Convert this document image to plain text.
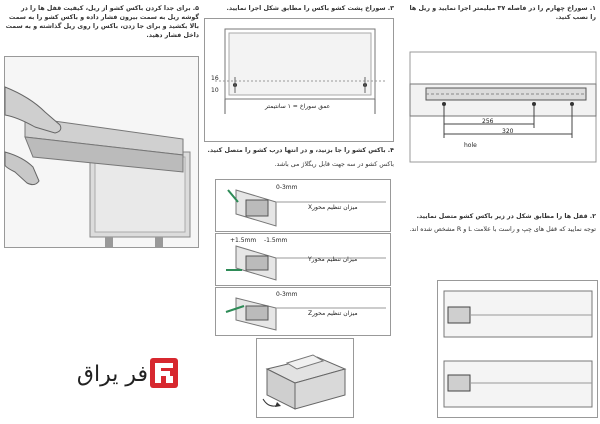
۵. برای جدا کردن باکس کشو از ریل، کیفیت قفل ها را در گوشه ریل به سمت بیرون فشار داده و باکس کشو را به سمت بالا بکشید و برای جا زدن، باکس را روی ریل گذاشته و به سمت داخل فشار دهید.
فر یراق
۳. سوراخ پشت کشو باکس را مطابق شکل اجرا نمایید.
16
10
عمق سوراخ = ۱ سانتیمتر
۴. باکس کشو را جا بزنید، و در انتها درب کشو را متصل کنید.
باکس کشو در سه جهت قابل ریگلاژ می باشد.
0-3mm
میزان تنظیم محورX
+1.5mm -1.5mm
میزان تنظیم محورY
0-3mm
میزان تنظیم محورZ
۱. سوراخ چهارم را در فاصله ۳۷ میلیمتر اجرا نمایید و ریل ها را نصب کنید.
256
320
hole
۲. قفل ها را مطابق شکل در زیر باکس کشو متصل نمایید.
توجه نمایید که قفل های چپ و راست با علامت L و R مشخص شده اند.
